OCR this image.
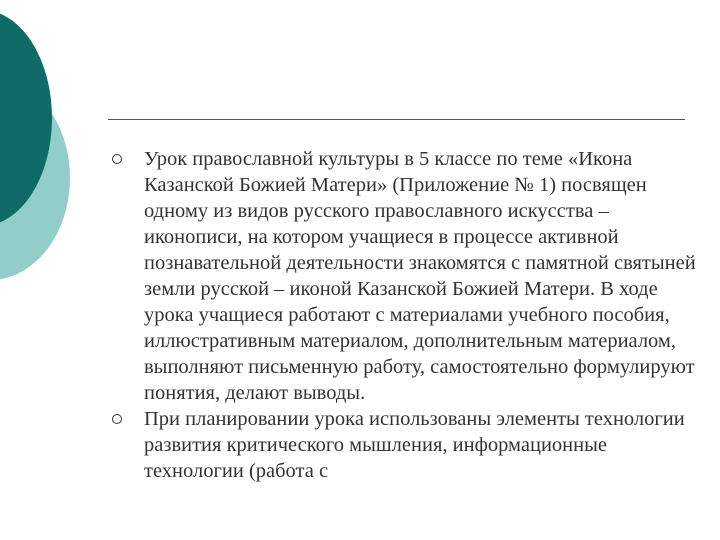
Урок православной культуры в 5 классе по теме «Икона Казанской Божией Матери» (Приложение № 1) посвящен одному из видов русского православного искусства – иконописи, на котором учащиеся в процессе активной познавательной деятельности знакомятся с памятной святыней земли русской – иконой Казанской Божией Матери. В ходе урока учащиеся работают с материалами учебного пособия, иллюстративным материалом, дополнительным материалом, выполняют письменную работу, самостоятельно формулируют понятия, делают выводы.
При планировании урока использованы элементы технологии развития критического мышления, информационные технологии (работа с
